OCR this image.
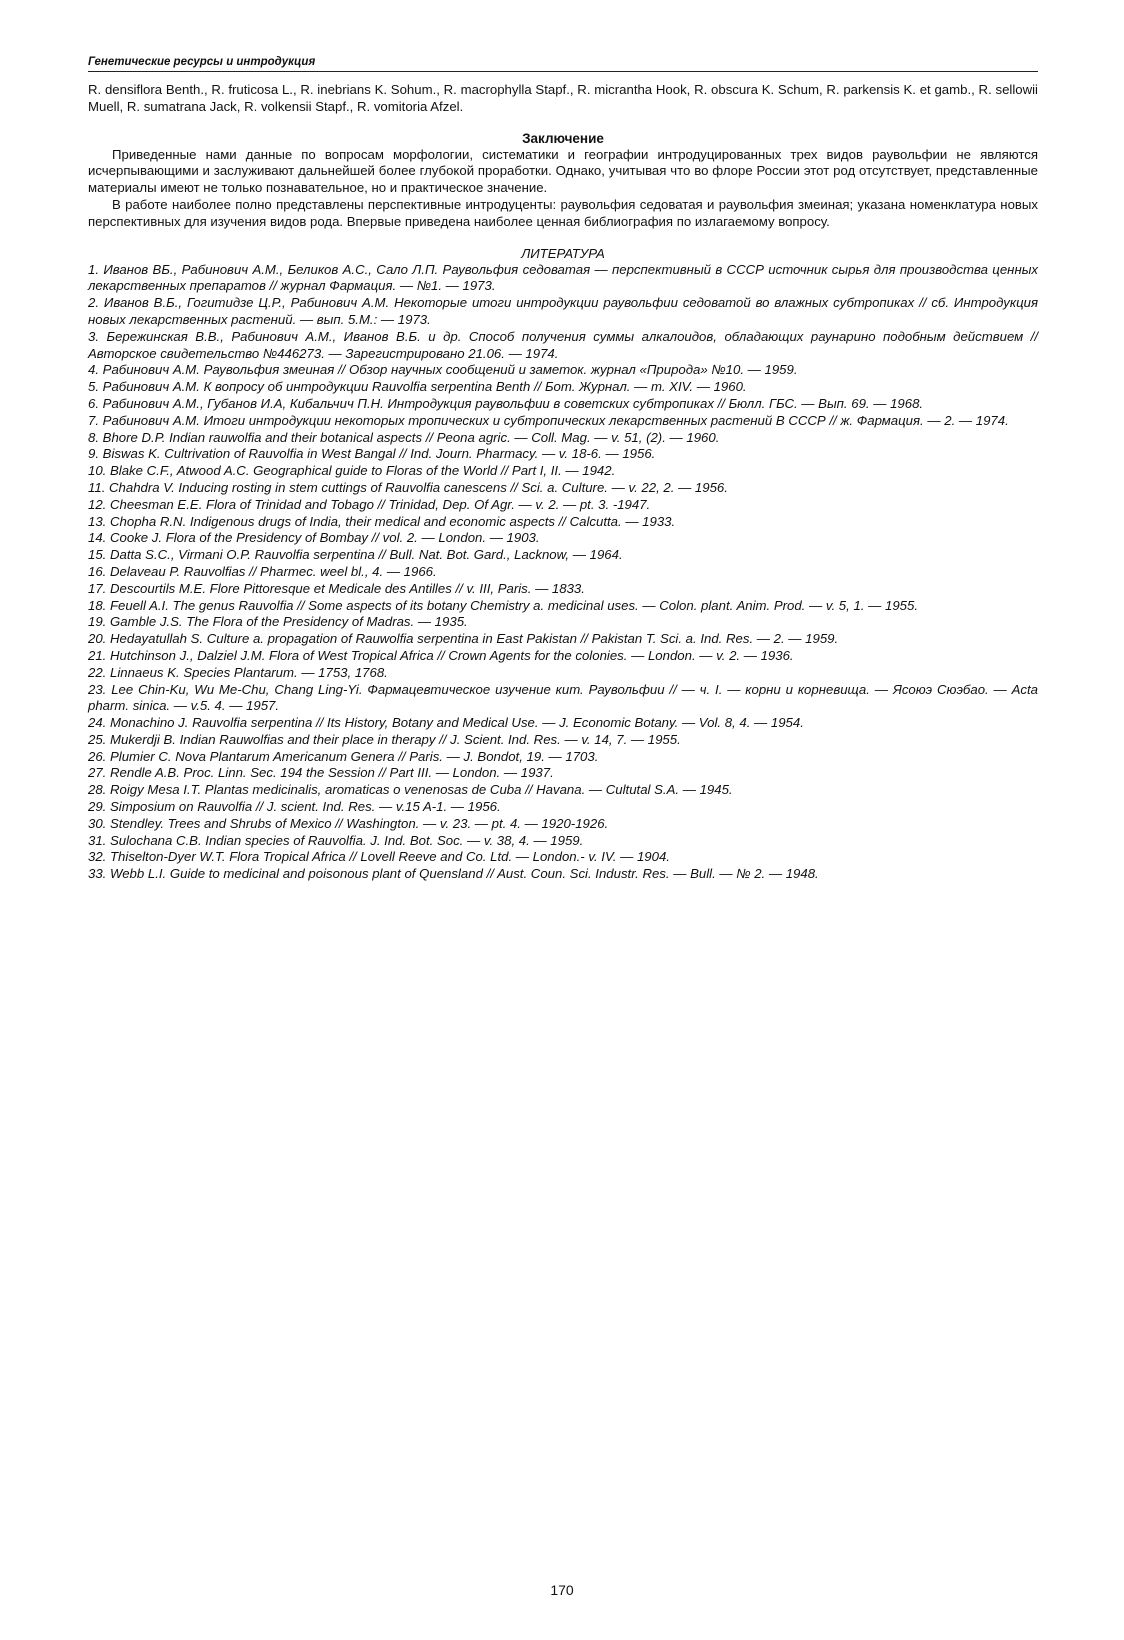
Генетические ресурсы и интродукция

R. densiflora Benth., R. fruticosa L., R. inebrians K. Sohum., R. macrophylla Stapf., R. micrantha Hook, R. obscura K. Schum, R. parkensis K. et gamb., R. sellowii Muell, R. sumatrana Jack, R. volkensii Stapf., R. vomitoria Afzel.

Заключение

Приведенные нами данные по вопросам морфологии, систематики и географии интродуцированных трех видов раувольфии не являются исчерпывающими и заслуживают дальнейшей более глубокой проработки. Однако, учитывая что во флоре России этот род отсутствует, представленные материалы имеют не только познавательное, но и практическое значение.

В работе наиболее полно представлены перспективные интродуценты: раувольфия седоватая и раувольфия змеиная; указана номенклатура новых перспективных для изучения видов рода. Впервые приведена наиболее ценная библиография по излагаемому вопросу.

ЛИТЕРАТУРА
1. Иванов ВБ., Рабинович А.М., Беликов А.С., Сало Л.П. Раувольфия седоватая — перспективный в СССР источник сырья для производства ценных лекарственных препаратов // журнал Фармация. — №1. — 1973.
2. Иванов В.Б., Гогитидзе Ц.Р., Рабинович А.М. Некоторые итоги интродукции раувольфии седоватой во влажных субтропиках // сб. Интродукция новых лекарственных растений. — вып. 5.М.: — 1973.
3. Бережинская В.В., Рабинович А.М., Иванов В.Б. и др. Способ получения суммы алкалоидов, обладающих раунарино подобным действием // Авторское свидетельство №446273. — Зарегистрировано 21.06. — 1974.
4. Рабинович А.М. Раувольфия змеиная // Обзор научных сообщений и заметок. журнал «Природа» №10. — 1959.
5. Рабинович А.М. К вопросу об интродукции Rauvolfia serpentina Benth // Бот. Журнал. — т. XIV. — 1960.
6. Рабинович А.М., Губанов И.А, Кибальчич П.Н. Интродукция раувольфии в советских субтропиках // Бюлл. ГБС. — Вып. 69. — 1968.
7. Рабинович А.М. Итоги интродукции некоторых тропических и субтропических лекарственных растений В СССР // ж. Фармация. — 2. — 1974.
8. Bhore D.P. Indian rauwolfia and their botanical aspects // Peona agric. — Coll. Mag. — v. 51, (2). — 1960.
9. Biswas K. Cultrivation of Rauvolfia in West Bangal // Ind. Journ. Pharmacy. — v. 18-6. — 1956.
10. Blake C.F., Atwood A.C. Geographical guide to Floras of the World // Part I, II. — 1942.
11. Chahdra V. Inducing rosting in stem cuttings of Rauvolfia canescens // Sci. a. Culture. — v. 22, 2. — 1956.
12. Cheesman E.E. Flora of Trinidad and Tobago // Trinidad, Dep. Of Agr. — v. 2. — pt. 3. -1947.
13. Chopha R.N. Indigenous drugs of India, their medical and economic aspects // Calcutta. — 1933.
14. Cooke J. Flora of the Presidency of Bombay // vol. 2. — London. — 1903.
15. Datta S.C., Virmani O.P. Rauvolfia serpentina // Bull. Nat. Bot. Gard., Lacknow, — 1964.
16. Delaveau P. Rauvolfias // Pharmec. weel bl., 4. — 1966.
17. Descourtils M.E. Flore Pittoresque et Medicale des Antilles // v. III, Paris. — 1833.
18. Feuell A.I. The genus Rauvolfia // Some aspects of its botany Chemistry a. medicinal uses. — Colon. plant. Anim. Prod. — v. 5, 1. — 1955.
19. Gamble J.S. The Flora of the Presidency of Madras. — 1935.
20. Hedayatullah S. Culture a. propagation of Rauwolfia serpentina in East Pakistan // Pakistan T. Sci. a. Ind. Res. — 2. — 1959.
21. Hutchinson J., Dalziel J.M. Flora of West Tropical Africa // Crown Agents for the colonies. — London. — v. 2. — 1936.
22. Linnaeus K. Species Plantarum. — 1753, 1768.
23. Lee Chin-Ku, Wu Me-Chu, Chang Ling-Yi. Фармацевтическое изучение кит. Раувольфии // — ч. I. — корни и корневища. — Ясоюэ Сюэбао. — Acta pharm. sinica. — v.5. 4. — 1957.
24. Monachino J. Rauvolfia serpentina // Its History, Botany and Medical Use. — J. Economic Botany. — Vol. 8, 4. — 1954.
25. Mukerdji B. Indian Rauwolfias and their place in therapy // J. Scient. Ind. Res. — v. 14, 7. — 1955.
26. Plumier C. Nova Plantarum Americanum Genera // Paris. — J. Bondot, 19. — 1703.
27. Rendle A.B. Proc. Linn. Sec. 194 the Session // Part III. — London. — 1937.
28. Roigy Mesa I.T. Plantas medicinalis, aromaticas o venenosas de Cuba // Havana. — Cultutal S.A. — 1945.
29. Simposium on Rauvolfia // J. scient. Ind. Res. — v.15 A-1. — 1956.
30. Stendley. Trees and Shrubs of Mexico // Washington. — v. 23. — pt. 4. — 1920-1926.
31. Sulochana C.B. Indian species of Rauvolfia. J. Ind. Bot. Soc. — v. 38, 4. — 1959.
32. Thiselton-Dyer W.T. Flora Tropical Africa // Lovell Reeve and Co. Ltd. — London.- v. IV. — 1904.
33. Webb L.I. Guide to medicinal and poisonous plant of Quensland // Aust. Coun. Sci. Industr. Res. — Bull. — № 2. — 1948.
170
